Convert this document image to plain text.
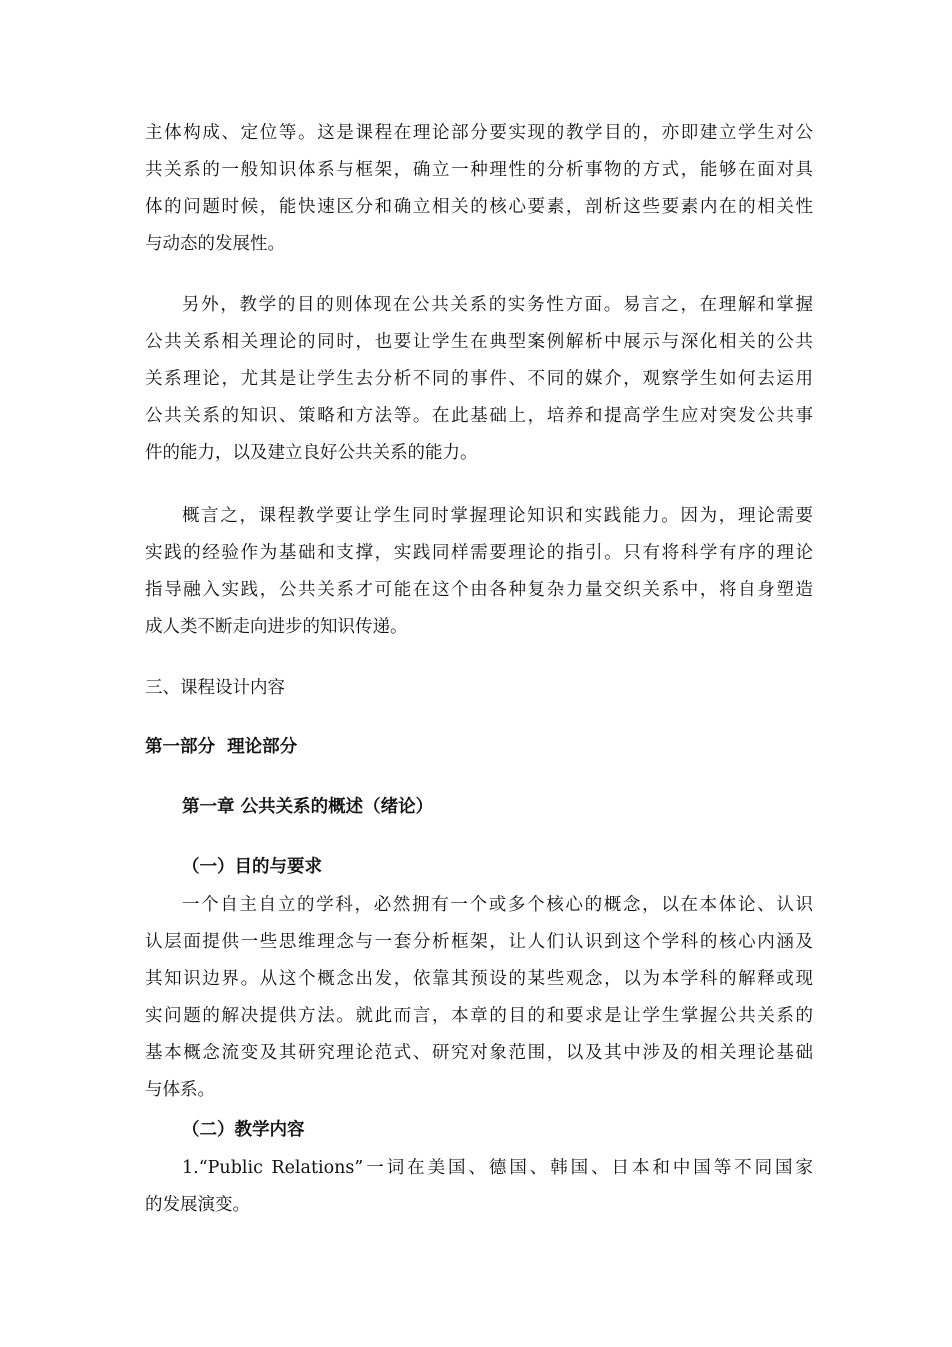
主体构成、定位等。这是课程在理论部分要实现的教学目的，亦即建立学生对公
共关系的一般知识体系与框架，确立一种理性的分析事物的方式，能够在面对具
体的问题时候，能快速区分和确立相关的核心要素，剖析这些要素内在的相关性
与动态的发展性。
另外，教学的目的则体现在公共关系的实务性方面。易言之，在理解和掌握
公共关系相关理论的同时，也要让学生在典型案例解析中展示与深化相关的公共
关系理论，尤其是让学生去分析不同的事件、不同的媒介，观察学生如何去运用
公共关系的知识、策略和方法等。在此基础上，培养和提高学生应对突发公共事
件的能力，以及建立良好公共关系的能力。
概言之，课程教学要让学生同时掌握理论知识和实践能力。因为，理论需要
实践的经验作为基础和支撑，实践同样需要理论的指引。只有将科学有序的理论
指导融入实践，公共关系才可能在这个由各种复杂力量交织关系中，将自身塑造
成人类不断走向进步的知识传递。
三、课程设计内容
第一部分  理论部分
第一章 公共关系的概述（绪论）
（一）目的与要求
一个自主自立的学科，必然拥有一个或多个核心的概念，以在本体论、认识
认层面提供一些思维理念与一套分析框架，让人们认识到这个学科的核心内涵及
其知识边界。从这个概念出发，依靠其预设的某些观念，以为本学科的解释或现
实问题的解决提供方法。就此而言，本章的目的和要求是让学生掌握公共关系的
基本概念流变及其研究理论范式、研究对象范围，以及其中涉及的相关理论基础
与体系。
（二）教学内容
1.“Public Relations”一词在美国、德国、韩国、日本和中国等不同国家
的发展演变。
